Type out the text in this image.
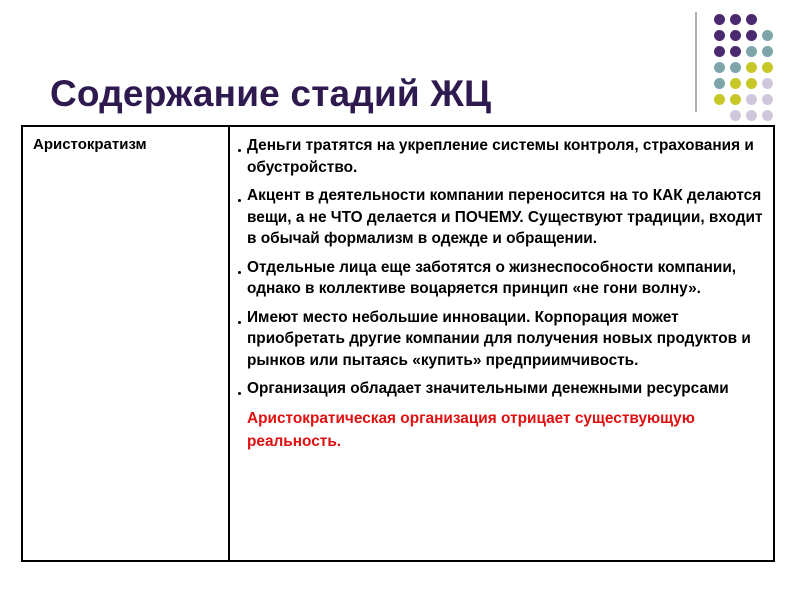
Содержание стадий ЖЦ
Аристократизм	Деньги тратятся на укрепление системы контроля, страхования и обустройство.
Акцент в деятельности компании переносится на то КАК делаются вещи, а не ЧТО делается и ПОЧЕМУ. Существуют традиции, входит в обычай формализм в одежде и обращении.
Отдельные лица еще заботятся о жизнеспособности компании, однако в коллективе воцаряется принцип «не гони волну».
Имеют место небольшие инновации. Корпорация может приобретать другие компании для получения новых продуктов и рынков или пытаясь «купить» предприимчивость.
Организация обладает значительными денежными ресурсами
Аристократическая организация отрицает существующую реальность.
